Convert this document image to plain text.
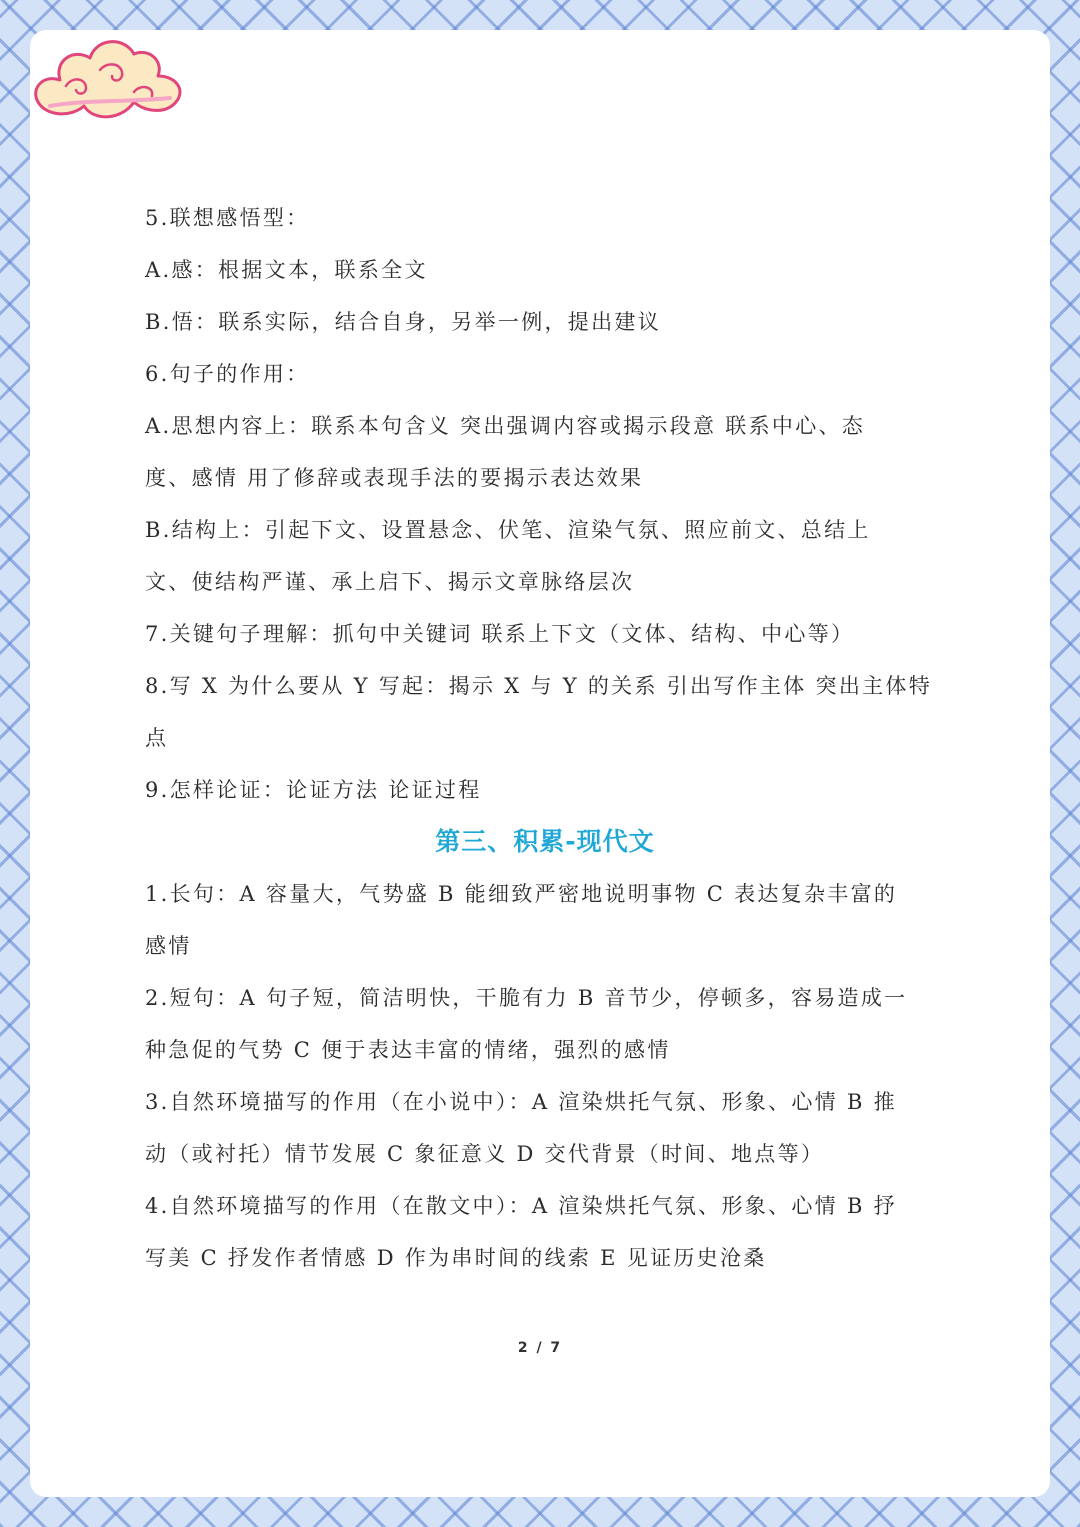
5.联想感悟型：
A.感：根据文本，联系全文
B.悟：联系实际，结合自身，另举一例，提出建议
6.句子的作用：
A.思想内容上：联系本句含义 突出强调内容或揭示段意 联系中心、态
度、感情 用了修辞或表现手法的要揭示表达效果
B.结构上：引起下文、设置悬念、伏笔、渲染气氛、照应前文、总结上
文、使结构严谨、承上启下、揭示文章脉络层次
7.关键句子理解：抓句中关键词 联系上下文（文体、结构、中心等）
8.写 X 为什么要从 Y 写起：揭示 X 与 Y 的关系 引出写作主体 突出主体特
点
9.怎样论证：论证方法 论证过程
第三、积累-现代文
1.长句：A 容量大，气势盛 B 能细致严密地说明事物 C 表达复杂丰富的
感情
2.短句：A 句子短，简洁明快，干脆有力 B 音节少，停顿多，容易造成一
种急促的气势 C 便于表达丰富的情绪，强烈的感情
3.自然环境描写的作用（在小说中）：A 渲染烘托气氛、形象、心情 B 推
动（或衬托）情节发展 C 象征意义 D 交代背景（时间、地点等）
4.自然环境描写的作用（在散文中）：A 渲染烘托气氛、形象、心情 B 抒
写美 C 抒发作者情感 D 作为串时间的线索 E 见证历史沧桑
2 / 7
